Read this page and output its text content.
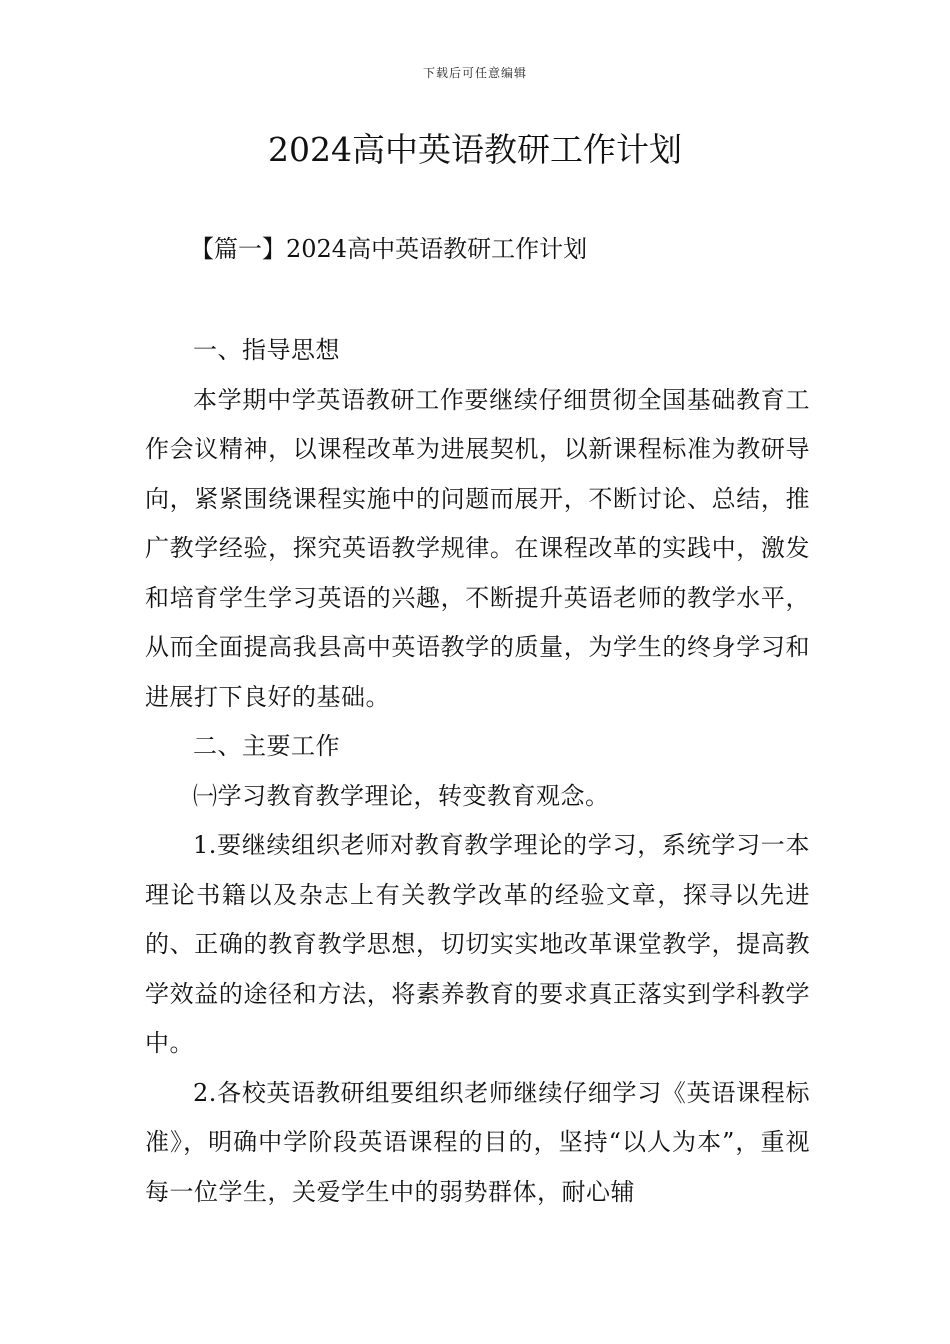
下载后可任意编辑
2024高中英语教研工作计划

【篇一】2024高中英语教研工作计划

一、指导思想

本学期中学英语教研工作要继续仔细贯彻全国基础教育工作会议精神，以课程改革为进展契机，以新课程标准为教研导向，紧紧围绕课程实施中的问题而展开，不断讨论、总结，推广教学经验，探究英语教学规律。在课程改革的实践中，激发和培育学生学习英语的兴趣，不断提升英语老师的教学水平，从而全面提高我县高中英语教学的质量，为学生的终身学习和进展打下良好的基础。

二、主要工作

㈠学习教育教学理论，转变教育观念。

1.要继续组织老师对教育教学理论的学习，系统学习一本理论书籍以及杂志上有关教学改革的经验文章，探寻以先进的、正确的教育教学思想，切切实实地改革课堂教学，提高教学效益的途径和方法，将素养教育的要求真正落实到学科教学中。

2.各校英语教研组要组织老师继续仔细学习《英语课程标准》，明确中学阶段英语课程的目的，坚持“以人为本”，重视每一位学生，关爱学生中的弱势群体，耐心辅
